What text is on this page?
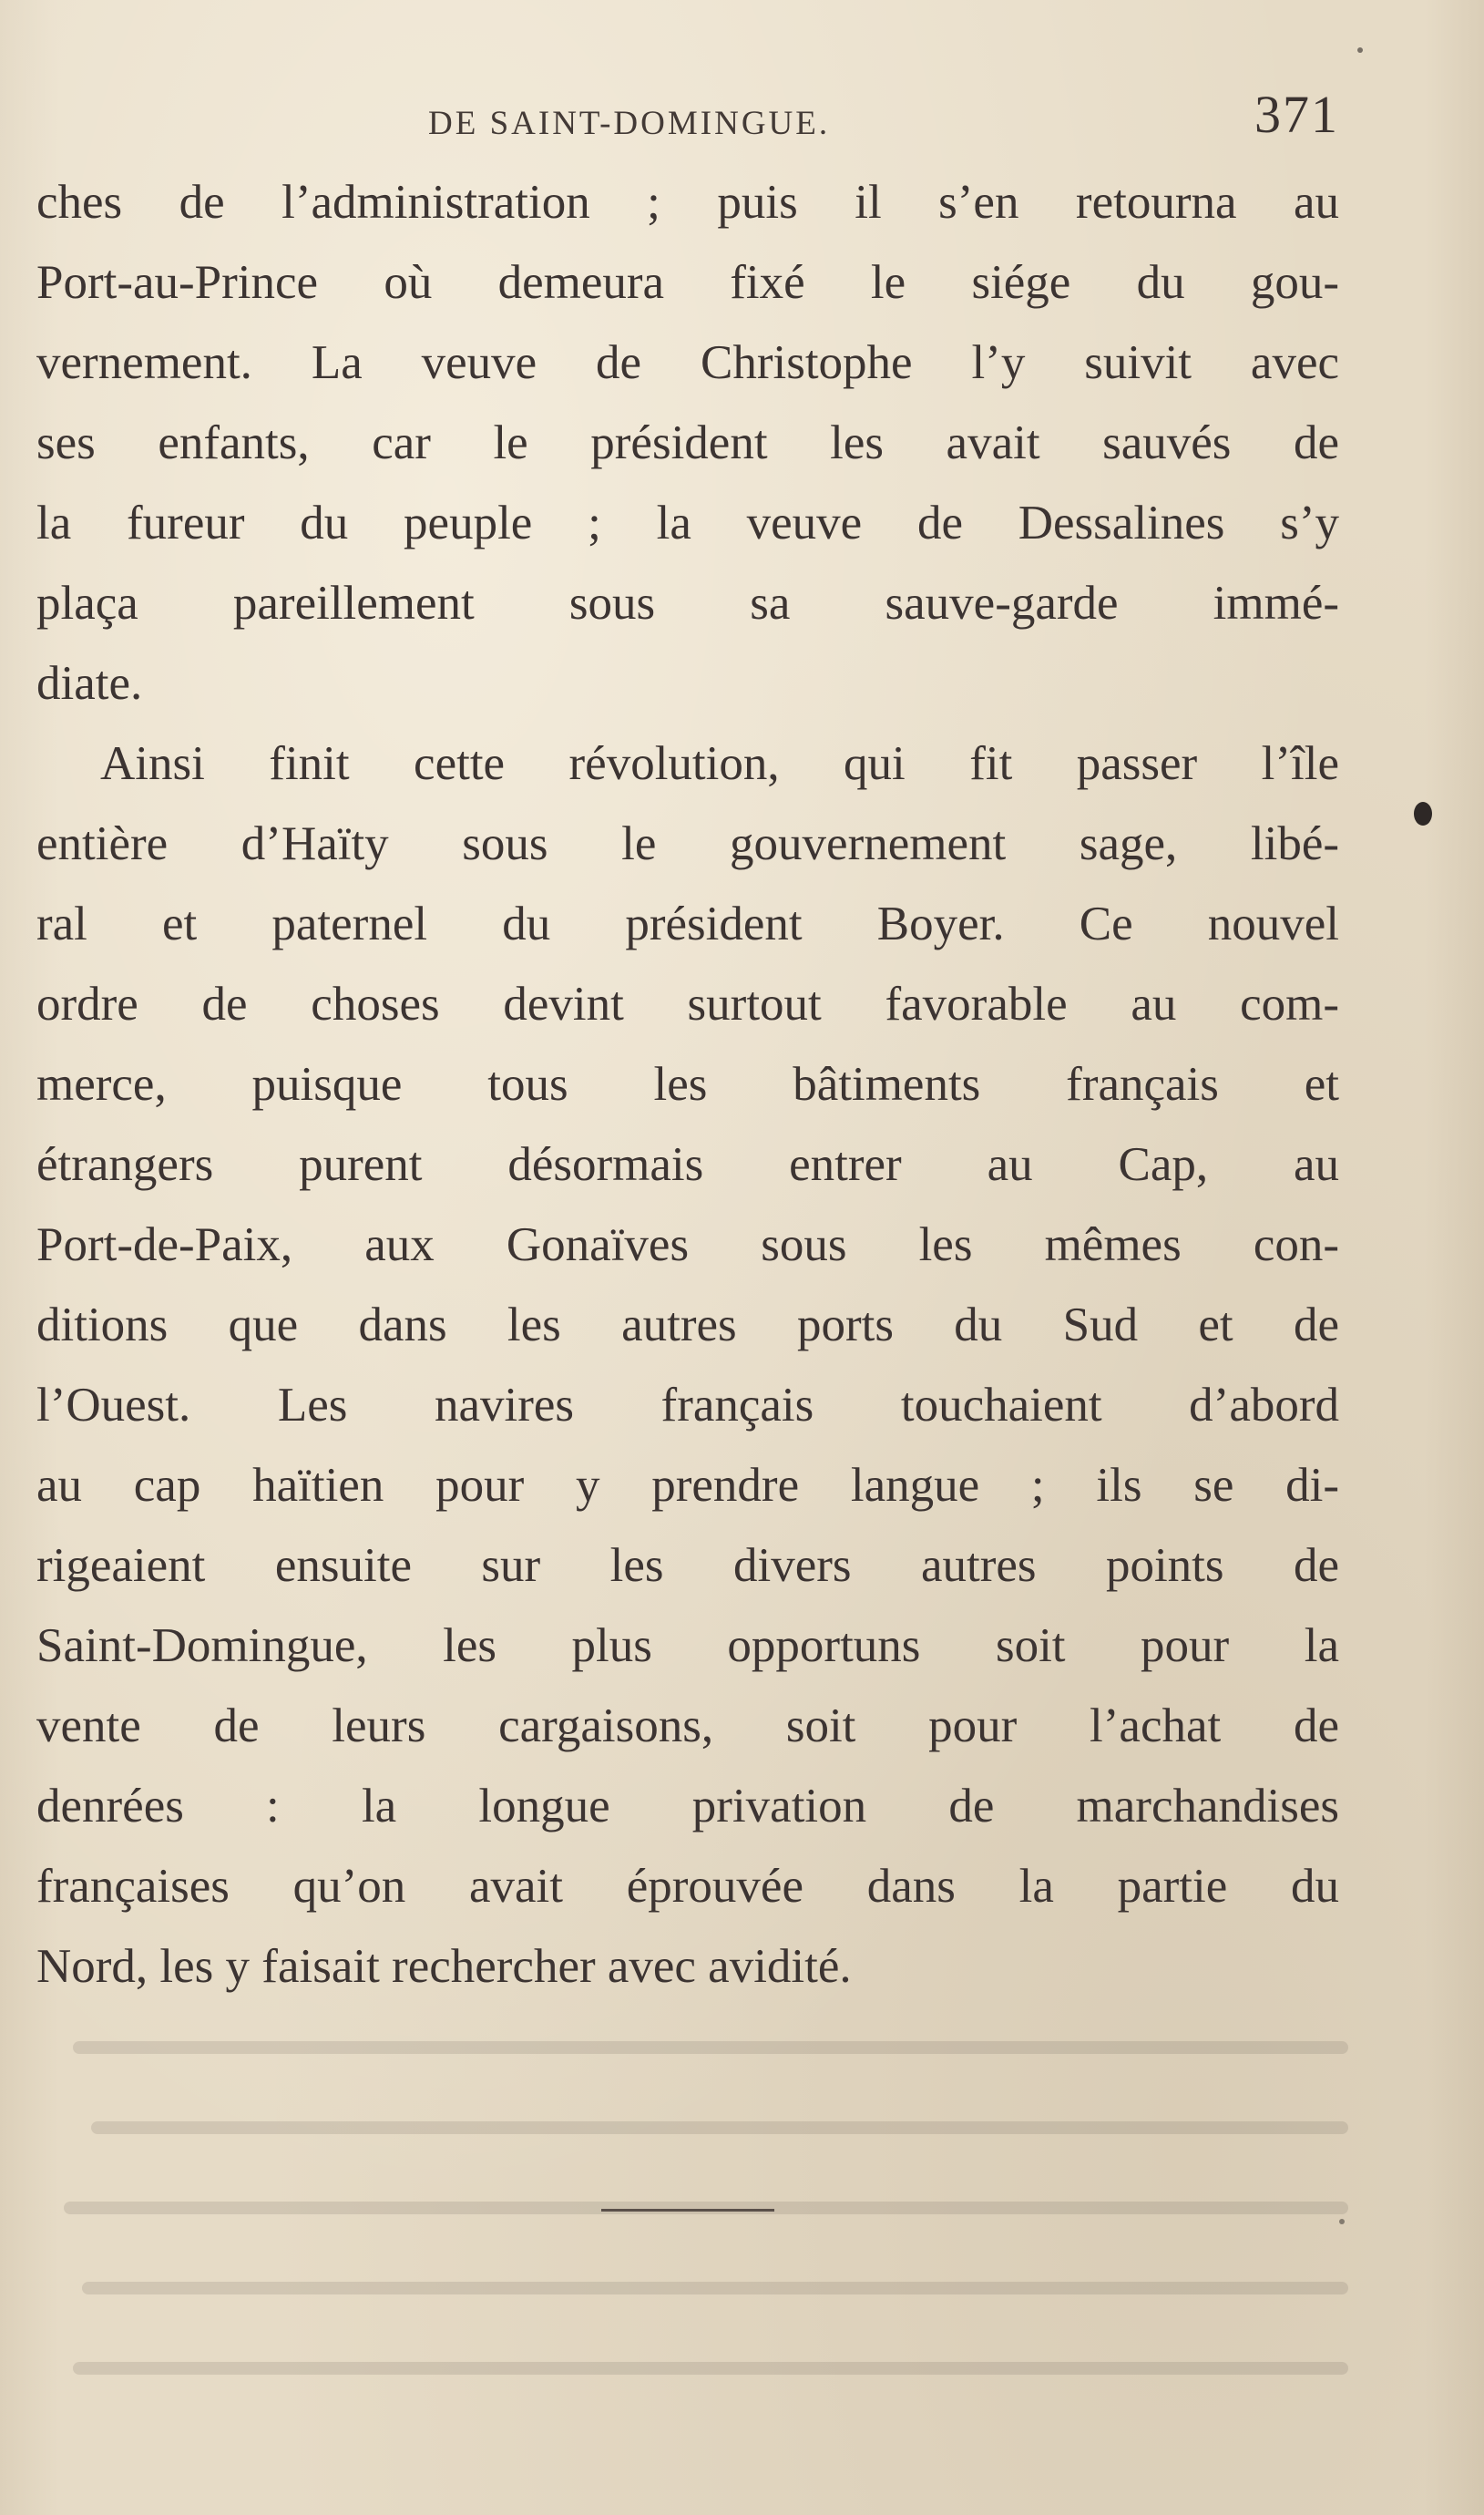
DE SAINT-DOMINGUE.	371
ches de l’administration ; puis il s’en retourna au
Port-au-Prince où demeura fixé le siége du gou-
vernement. La veuve de Christophe l’y suivit avec
ses enfants, car le président les avait sauvés de
la fureur du peuple ; la veuve de Dessalines s’y
plaça pareillement sous sa sauve-garde immé-
diate.
Ainsi finit cette révolution, qui fit passer l’île
entière d’Haïty sous le gouvernement sage, libé-
ral et paternel du président Boyer. Ce nouvel
ordre de choses devint surtout favorable au com-
merce, puisque tous les bâtiments français et
étrangers purent désormais entrer au Cap, au
Port-de-Paix, aux Gonaïves sous les mêmes con-
ditions que dans les autres ports du Sud et de
l’Ouest. Les navires français touchaient d’abord
au cap haïtien pour y prendre langue ; ils se di-
rigeaient ensuite sur les divers autres points de
Saint-Domingue, les plus opportuns soit pour la
vente de leurs cargaisons, soit pour l’achat de
denrées : la longue privation de marchandises
françaises qu’on avait éprouvée dans la partie du
Nord, les y faisait rechercher avec avidité.
